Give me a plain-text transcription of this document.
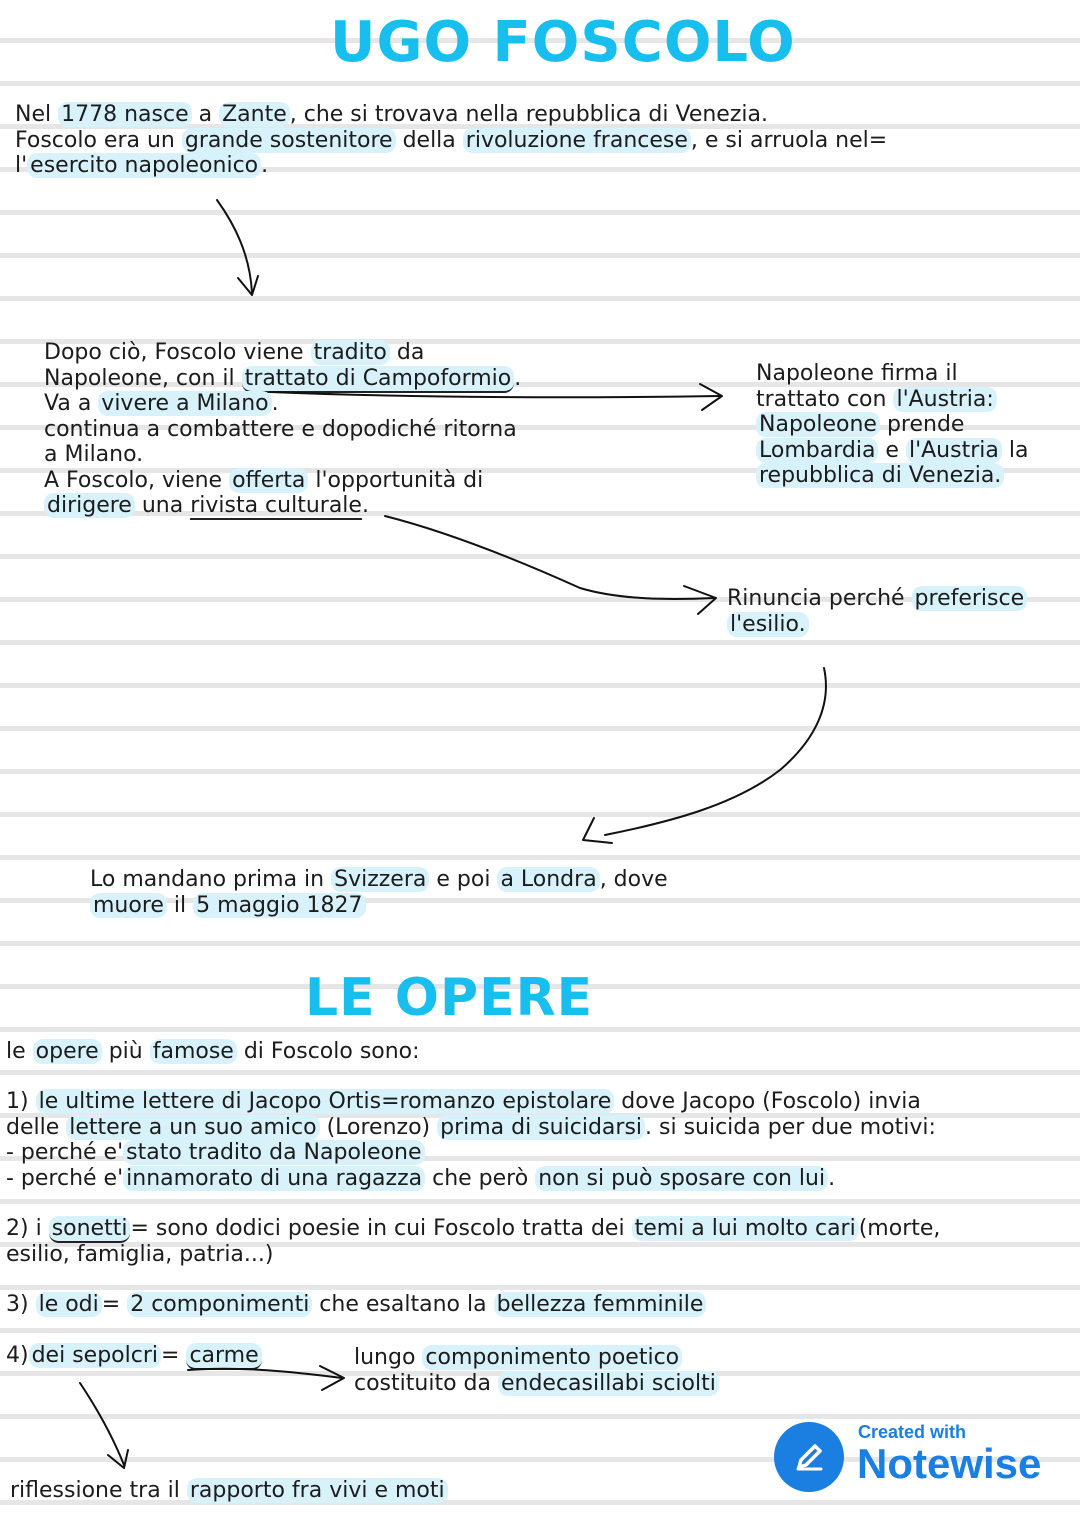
UGO FOSCOLO

Nel 1778 nasce a Zante , che si trovava nella repubblica di Venezia.

Foscolo era un grande sostenitore della rivoluzione francese , e si arruola nel=

l' esercito napoleonico .

Dopo ciò, Foscolo viene tradito da

Napoleone, con il trattato di Campoformio .

Va a vivere a Milano .

continua a combattere e dopodiché ritorna

a Milano.

A Foscolo, viene offerta l'opportunità di

dirigere una rivista culturale.

Napoleone firma il

trattato con l'Austria:

Napoleone prende

Lombardia e l'Austria la

repubblica di Venezia.

Rinuncia perché preferisce

l'esilio.

Lo mandano prima in Svizzera e poi a Londra , dove

muore il 5 maggio 1827

LE OPERE

le opere più famose di Foscolo sono:

1) le ultime lettere di Jacopo Ortis=romanzo epistolare dove Jacopo (Foscolo) invia

delle lettere a un suo amico (Lorenzo) prima di suicidarsi . si suicida per due motivi:

- perché e' stato tradito da Napoleone

- perché e' innamorato di una ragazza che però non si può sposare con lui .

2) i sonetti = sono dodici poesie in cui Foscolo tratta dei temi a lui molto cari (morte,

esilio, famiglia, patria...)

3) le odi = 2 componimenti che esaltano la bellezza femminile

4) dei sepolcri = carme	lungo componimento poetico

costituito da endecasillabi sciolti

riflessione tra il rapporto fra vivi e moti

Created with
Notewise
